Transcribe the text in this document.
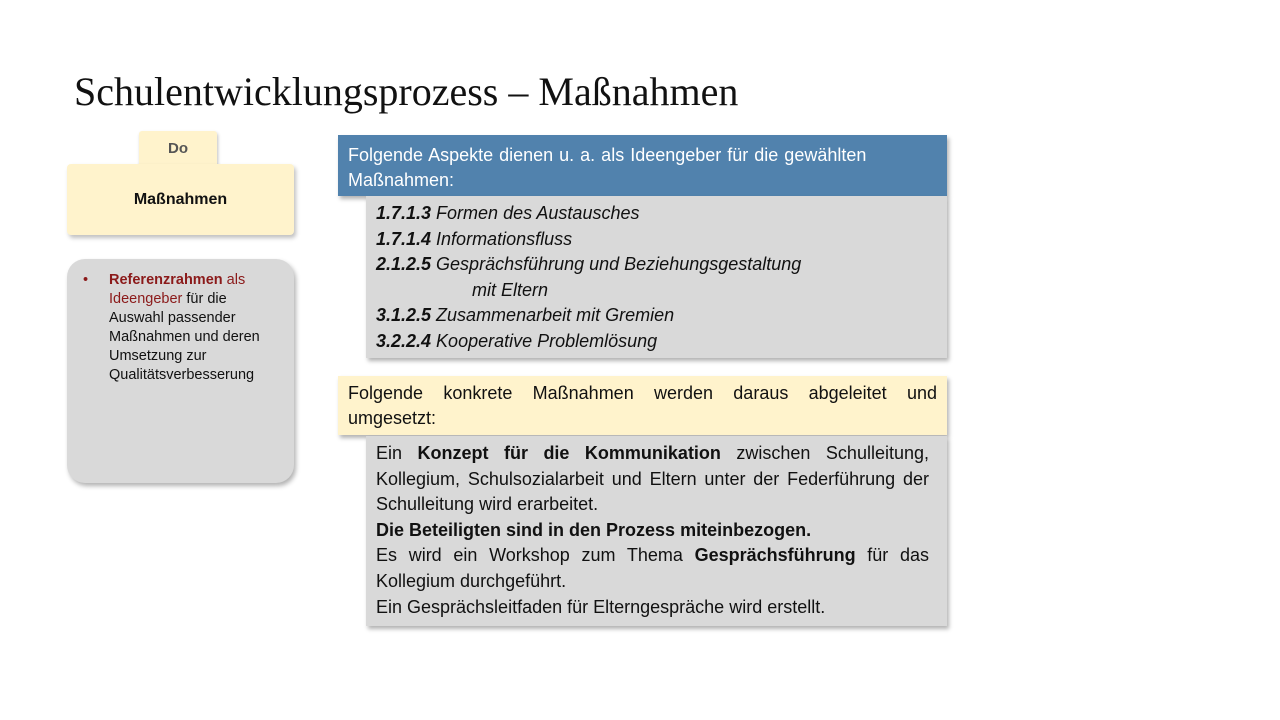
Schulentwicklungsprozess – Maßnahmen
Do
Maßnahmen
•	Referenzrahmen als Ideengeber für die Auswahl passender Maßnahmen und deren Umsetzung zur Qualitätsverbesserung
Folgende Aspekte dienen u. a. als Ideengeber für die gewählten Maßnahmen:
1.7.1.3 Formen des Austausches
1.7.1.4 Informationsfluss
2.1.2.5 Gesprächsführung und Beziehungsgestaltung
mit Eltern
3.1.2.5 Zusammenarbeit mit Gremien
3.2.2.4 Kooperative Problemlösung
Folgende konkrete Maßnahmen werden daraus abgeleitet und umgesetzt:
Ein Konzept für die Kommunikation zwischen Schulleitung, Kollegium, Schulsozialarbeit und Eltern unter der Federführung der Schulleitung wird erarbeitet.
Die Beteiligten sind in den Prozess miteinbezogen.
Es wird ein Workshop zum Thema Gesprächsführung für das Kollegium durchgeführt.
Ein Gesprächsleitfaden für Elterngespräche wird erstellt.
